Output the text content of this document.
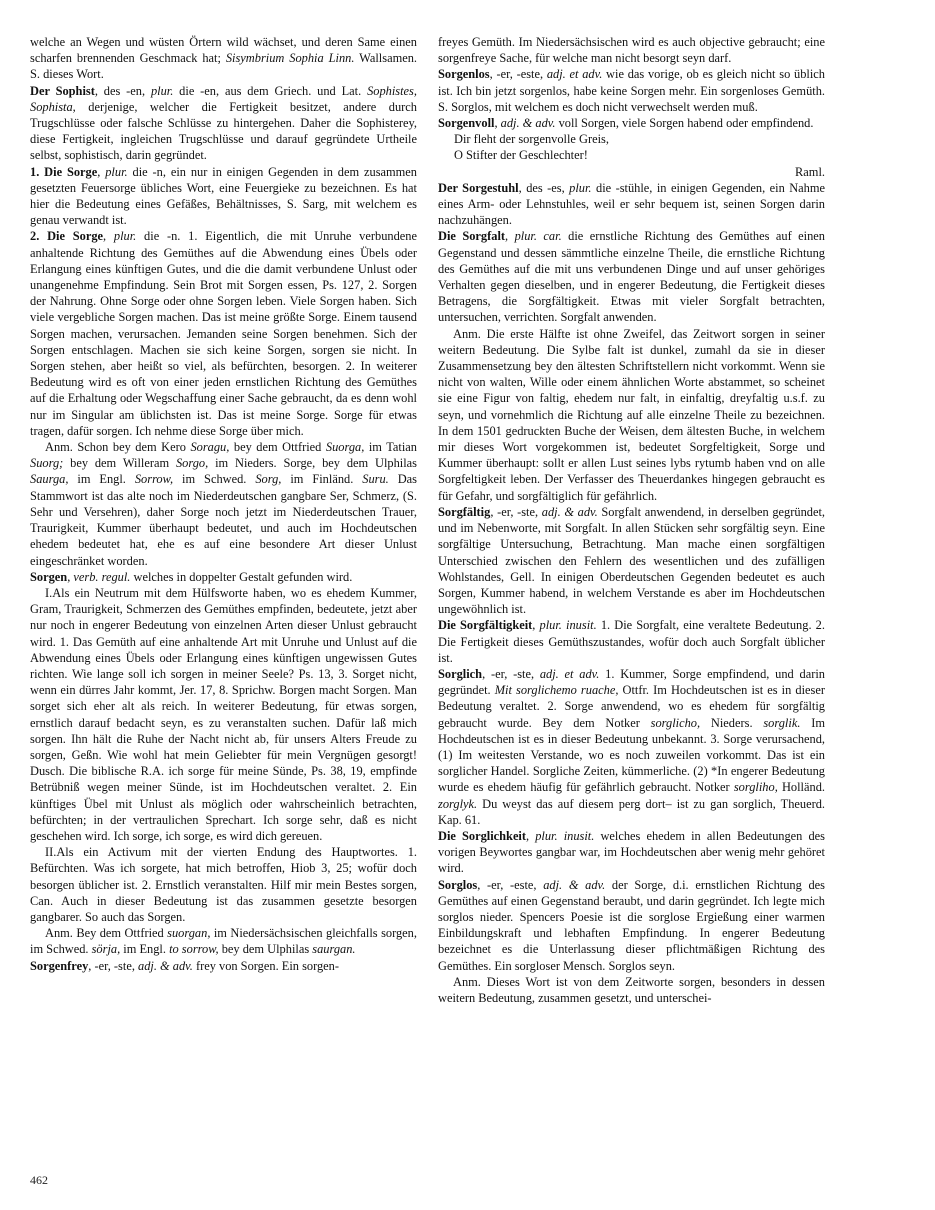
welche an Wegen und wüsten Örtern wild wächset, und deren Same einen scharfen brennenden Geschmack hat; Sisymbrium Sophia Linn. Wallsamen. S. dieses Wort.

Der Sophist, des -en, plur. die -en, aus dem Griech. und Lat. Sophistes, Sophista, derjenige, welcher die Fertigkeit besitzet, andere durch Trugschlüsse oder falsche Schlüsse zu hintergehen. Daher die Sophisterey, diese Fertigkeit, ingleichen Trugschlüsse und darauf gegründete Urtheile selbst, sophistisch, darin gegründet.

1. Die Sorge, plur. die -n, ein nur in einigen Gegenden in dem zusammen gesetzten Feuersorge übliches Wort, eine Feuergieke zu bezeichnen. Es hat hier die Bedeutung eines Gefäßes, Behältnisses, S. Sarg, mit welchem es genau verwandt ist.

2. Die Sorge, plur. die -n. 1. Eigentlich, die mit Unruhe verbundene anhaltende Richtung des Gemüthes auf die Abwendung eines Übels oder Erlangung eines künftigen Gutes, und die die damit verbundene Unlust oder unangenehme Empfindung. Sein Brot mit Sorgen essen, Ps. 127, 2. Sorgen der Nahrung. Ohne Sorge oder ohne Sorgen leben. Viele Sorgen haben. Sich viele vergebliche Sorgen machen. Das ist meine größte Sorge. Einem tausend Sorgen machen, verursachen. Jemanden seine Sorgen benehmen. Sich der Sorgen entschlagen. Machen sie sich keine Sorgen, sorgen sie nicht. In Sorgen stehen, aber heißt so viel, als befürchten, besorgen. 2. In weiterer Bedeutung wird es oft von einer jeden ernstlichen Richtung des Gemüthes auf die Erhaltung oder Wegschaffung einer Sache gebraucht, da es denn wohl nur im Singular am üblichsten ist. Das ist meine Sorge. Sorge für etwas tragen, dafür sorgen. Ich nehme diese Sorge über mich.

Anm. Schon bey dem Kero Soragu, bey dem Ottfried Suorga, im Tatian Suorg; bey dem Willeram Sorgo, im Nieders. Sorge, bey dem Ulphilas Saurga, im Engl. Sorrow, im Schwed. Sorg, im Finländ. Suru. Das Stammwort ist das alte noch im Niederdeutschen gangbare Ser, Schmerz, (S. Sehr und Versehren), daher Sorge noch jetzt im Niederdeutschen Trauer, Traurigkeit, Kummer überhaupt bedeutet, und auch im Hochdeutschen ehedem bedeutet hat, ehe es auf eine besondere Art dieser Unlust eingeschränket worden.

Sorgen, verb. regul. welches in doppelter Gestalt gefunden wird.

I.Als ein Neutrum mit dem Hülfsworte haben, wo es ehedem Kummer, Gram, Traurigkeit, Schmerzen des Gemüthes empfinden, bedeutete, jetzt aber nur noch in engerer Bedeutung von einzelnen Arten dieser Unlust gebraucht wird. 1. Das Gemüth auf eine anhaltende Art mit Unruhe und Unlust auf die Abwendung eines Übels oder Erlangung eines künftigen ungewissen Gutes richten. Wie lange soll ich sorgen in meiner Seele? Ps. 13, 3. Sorget nicht, wenn ein dürres Jahr kommt, Jer. 17, 8. Sprichw. Borgen macht Sorgen. Man sorget sich eher alt als reich. In weiterer Bedeutung, für etwas sorgen, ernstlich darauf bedacht seyn, es zu veranstalten suchen. Dafür laß mich sorgen. Ihn hält die Ruhe der Nacht nicht ab, für unsers Alters Freude zu sorgen, Geßn. Wie wohl hat mein Geliebter für mein Vergnügen gesorgt! Dusch. Die biblische R.A. ich sorge für meine Sünde, Ps. 38, 19, empfinde Betrübniß wegen meiner Sünde, ist im Hochdeutschen veraltet. 2. Ein künftiges Übel mit Unlust als möglich oder wahrscheinlich betrachten, befürchten; in der vertraulichen Sprechart. Ich sorge sehr, daß es nicht geschehen wird. Ich sorge, ich sorge, es wird dich gereuen.

II.Als ein Activum mit der vierten Endung des Hauptwortes. 1. Befürchten. Was ich sorgete, hat mich betroffen, Hiob 3, 25; wofür doch besorgen üblicher ist. 2. Ernstlich veranstalten. Hilf mir mein Bestes sorgen, Can. Auch in dieser Bedeutung ist das zusammen gesetzte besorgen gangbarer. So auch das Sorgen.

Anm. Bey dem Ottfried suorgan, im Niedersächsischen gleichfalls sorgen, im Schwed. sörja, im Engl. to sorrow, bey dem Ulphilas saurgan.

Sorgenfrey, -er, -ste, adj. & adv. frey von Sorgen. Ein sorgen-

freyes Gemüth. Im Niedersächsischen wird es auch objective gebraucht; eine sorgenfreye Sache, für welche man nicht besorgt seyn darf.

Sorgenlos, -er, -este, adj. et adv. wie das vorige, ob es gleich nicht so üblich ist. Ich bin jetzt sorgenlos, habe keine Sorgen mehr. Ein sorgenloses Gemüth. S. Sorglos, mit welchem es doch nicht verwechselt werden muß.

Sorgenvoll, adj. & adv. voll Sorgen, viele Sorgen habend oder empfindend.

Dir fleht der sorgenvolle Greis,

O Stifter der Geschlechter!

Raml.

Der Sorgestuhl, des -es, plur. die -stühle, in einigen Gegenden, ein Nahme eines Arm- oder Lehnstuhles, weil er sehr bequem ist, seinen Sorgen darin nachzuhängen.

Die Sorgfalt, plur. car. die ernstliche Richtung des Gemüthes auf einen Gegenstand und dessen sämmtliche einzelne Theile, die ernstliche Richtung des Gemüthes auf die mit uns verbundenen Dinge und auf unser gehöriges Verhalten gegen dieselben, und in engerer Bedeutung, die Fertigkeit dieses Betragens, die Sorgfältigkeit. Etwas mit vieler Sorgfalt betrachten, untersuchen, verrichten. Sorgfalt anwenden.

Anm. Die erste Hälfte ist ohne Zweifel, das Zeitwort sorgen in seiner weitern Bedeutung. Die Sylbe falt ist dunkel, zumahl da sie in dieser Zusammensetzung bey den ältesten Schriftstellern nicht vorkommt. Wenn sie nicht von walten, Wille oder einem ähnlichen Worte abstammet, so scheinet sie eine Figur von faltig, ehedem nur falt, in einfaltig, dreyfaltig u.s.f. zu seyn, und vornehmlich die Richtung auf alle einzelne Theile zu bezeichnen. In dem 1501 gedruckten Buche der Weisen, dem ältesten Buche, in welchem mir dieses Wort vorgekommen ist, bedeutet Sorgfeltigkeit, Sorge und Kummer überhaupt: sollt er allen Lust seines lybs rytumb haben vnd on alle Sorgfeltigkeit leben. Der Verfasser des Theuerdankes hingegen gebraucht es für Gefahr, und sorgfältiglich für gefährlich.

Sorgfältig, -er, -ste, adj. & adv. Sorgfalt anwendend, in derselben gegründet, und im Nebenworte, mit Sorgfalt. In allen Stücken sehr sorgfältig seyn. Eine sorgfältige Untersuchung, Betrachtung. Man mache einen sorgfältigen Unterschied zwischen den Fehlern des wesentlichen und des zufälligen Wohlstandes, Gell. In einigen Oberdeutschen Gegenden bedeutet es auch Sorgen, Kummer habend, in welchem Verstande es aber im Hochdeutschen ungewöhnlich ist.

Die Sorgfältigkeit, plur. inusit. 1. Die Sorgfalt, eine veraltete Bedeutung. 2. Die Fertigkeit dieses Gemüthszustandes, wofür doch auch Sorgfalt üblicher ist.

Sorglich, -er, -ste, adj. et adv. 1. Kummer, Sorge empfindend, und darin gegründet. Mit sorglichemo ruache, Ottfr. Im Hochdeutschen ist es in dieser Bedeutung veraltet. 2. Sorge anwendend, wo es ehedem für sorgfältig gebraucht wurde. Bey dem Notker sorglicho, Nieders. sorglik. Im Hochdeutschen ist es in dieser Bedeutung unbekannt. 3. Sorge verursachend, (1) Im weitesten Verstande, wo es noch zuweilen vorkommt. Das ist ein sorglicher Handel. Sorgliche Zeiten, kümmerliche. (2) *In engerer Bedeutung wurde es ehedem häufig für gefährlich gebraucht. Notker sorgliho, Holländ. zorglyk. Du weyst das auf diesem perg dort– ist zu gan sorglich, Theuerd. Kap. 61.

Die Sorglichkeit, plur. inusit. welches ehedem in allen Bedeutungen des vorigen Beywortes gangbar war, im Hochdeutschen aber wenig mehr gehöret wird.

Sorglos, -er, -este, adj. & adv. der Sorge, d.i. ernstlichen Richtung des Gemüthes auf einen Gegenstand beraubt, und darin gegründet. Ich legte mich sorglos nieder. Spencers Poesie ist die sorglose Ergießung einer warmen Einbildungskraft und lebhaften Empfindung. In engerer Bedeutung bezeichnet es die Unterlassung dieser pflichtmäßigen Richtung des Gemüthes. Ein sorgloser Mensch. Sorglos seyn.

Anm. Dieses Wort ist von dem Zeitworte sorgen, besonders in dessen weitern Bedeutung, zusammen gesetzt, und unterschei-

462
